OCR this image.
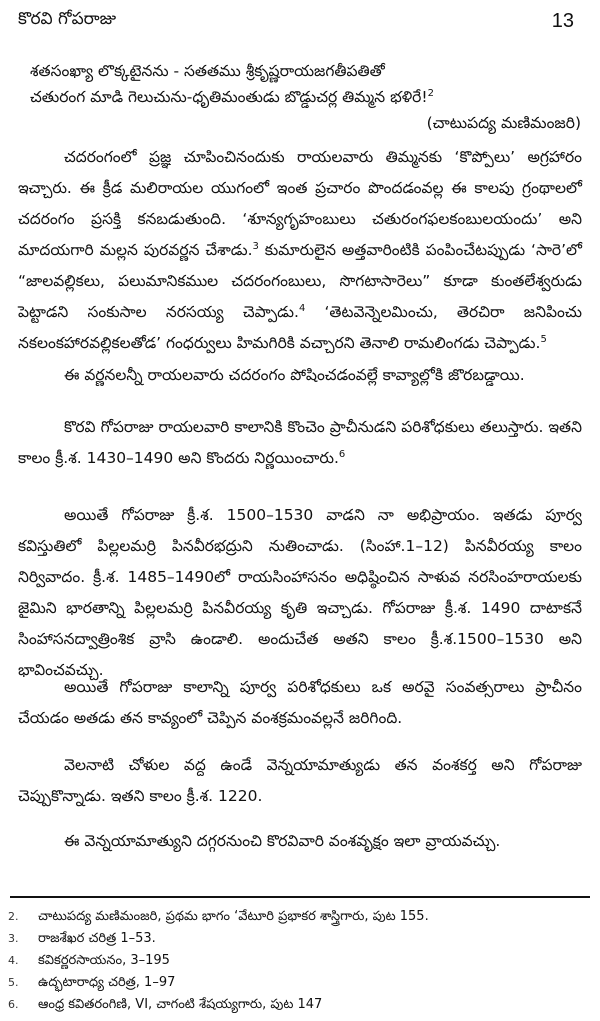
కొరవి గోపరాజు	13
శతసంఖ్యా లొక్కటైనను - సతతము శ్రీకృష్ణరాయజగతీపతితో
చతురంగ మాడి గెలుచును-ధృతిమంతుడు బొడ్డుచర్ల తిమ్మన భళిరే!$^2$
(చాటుపద్య మణిమంజరి)

చదరంగంలో ప్రజ్ఞ చూపించినందుకు రాయలవారు తిమ్మనకు ‘కొప్పోలు’ అగ్రహారం ఇచ్చారు. ఈ క్రీడ మలిరాయల యుగంలో ఇంత ప్రచారం పొందడంవల్ల ఈ కాలపు గ్రంథాలలో చదరంగం ప్రసక్తి కనబడుతుంది. ‘శూన్యగృహంబులు చతురంగఫలకంబులయందు’ అని మాదయగారి మల్లన పురవర్ణన చేశాడు.$^3$ కుమారులైన అత్తవారింటికి పంపించేటప్పుడు ‘సారె’లో “జాలవల్లికలు, పలుమానికముల చదరంగంబులు, సొగటాసారెలు” కూడా కుంతలేశ్వరుడు పెట్టాడని సంకుసాల నరసయ్య చెప్పాడు.$^4$ ‘తెటవెన్నెలమించు, తెరచిరా జనిపించు నకలంకహారవల్లికలతోడ’ గంధర్వులు హిమగిరికి వచ్చారని తెనాలి రామలింగడు చెప్పాడు.$^5$

ఈ వర్ణనలన్నీ రాయలవారు చదరంగం పోషించడంవల్లే కావ్యాల్లోకి జొరబడ్డాయి.

కొరవి గోపరాజు రాయలవారి కాలానికి కొంచెం ప్రాచీనుడని పరిశోధకులు తలుస్తారు. ఇతని కాలం క్రీ.శ. 1430–1490 అని కొందరు నిర్ణయించారు.$^6$

అయితే గోపరాజు క్రీ.శ. 1500–1530 వాడని నా అభిప్రాయం. ఇతడు పూర్వ కవిస్తుతిలో పిల్లలమర్రి పినవీరభద్రుని నుతించాడు. (సింహా.1–12) పినవీరయ్య కాలం నిర్వివాదం. క్రీ.శ. 1485–1490లో రాయసింహాసనం అధిష్ఠించిన సాళువ నరసింహరాయలకు జైమిని భారతాన్ని పిల్లలమర్రి పినవీరయ్య కృతి ఇచ్చాడు. గోపరాజు క్రీ.శ. 1490 దాటాకనే సింహాసనద్వాత్రింశిక వ్రాసి ఉండాలి. అందుచేత అతని కాలం క్రీ.శ.1500–1530 అని భావించవచ్చు.

అయితే గోపరాజు కాలాన్ని పూర్వ పరిశోధకులు ఒక అరవై సంవత్సరాలు ప్రాచీనం చేయడం అతడు తన కావ్యంలో చెప్పిన వంశక్రమంవల్లనే జరిగింది.

వెలనాటి చోళుల వద్ద ఉండే వెన్నయామాత్యుడు తన వంశకర్త అని గోపరాజు చెప్పుకొన్నాడు. ఇతని కాలం క్రీ.శ. 1220.

ఈ వెన్నయామాత్యుని దగ్గరనుంచి కొరవివారి వంశవృక్షం ఇలా వ్రాయవచ్చు.

2.	చాటుపద్య మణిమంజరి, ప్రథమ భాగం ‘వేటూరి ప్రభాకర శాస్త్రిగారు, పుట 155.
3.	రాజశేఖర చరిత్ర 1–53.
4.	కవికర్ణరసాయనం, 3–195
5.	ఉద్భటారాధ్య చరిత్ర, 1–97
6.	ఆంధ్ర కవితరంగిణి, VI, చాగంటి శేషయ్యగారు, పుట 147
